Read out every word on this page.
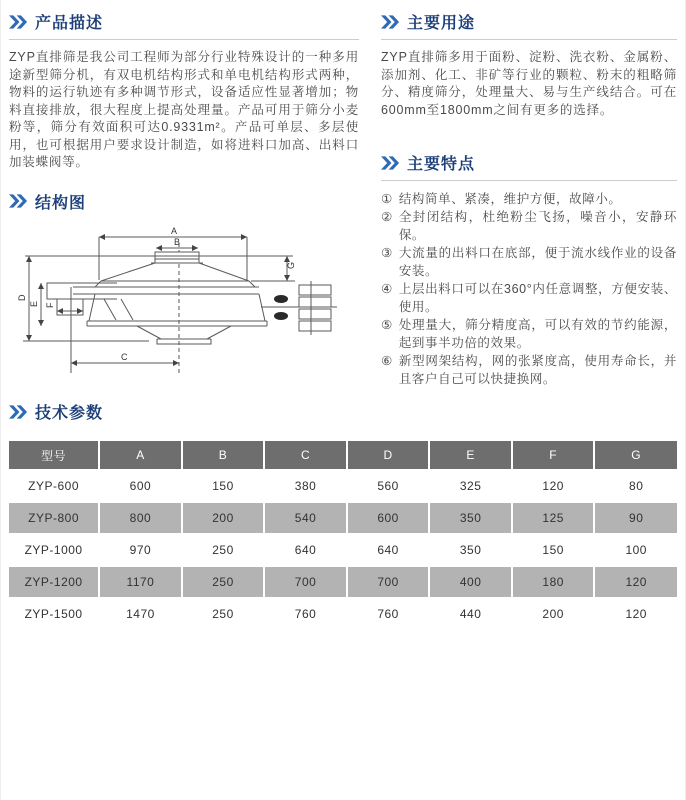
产品描述

ZYP直排筛是我公司工程师为部分行业特殊设计的一种多用途新型筛分机，有双电机结构形式和单电机结构形式两种，物料的运行轨迹有多种调节形式，设备适应性显著增加；物料直接排放，很大程度上提高处理量。产品可用于筛分小麦粉等，筛分有效面积可达0.9331m²。产品可单层、多层使用，也可根据用户要求设计制造，如将进料口加高、出料口加装蝶阀等。

结构图
A
B
C
D
E F
G
主要用途

ZYP直排筛多用于面粉、淀粉、洗衣粉、金属粉、添加剂、化工、非矿等行业的颗粒、粉末的粗略筛分、精度筛分，处理量大、易与生产线结合。可在600mm至1800mm之间有更多的选择。

主要特点
① 结构简单、紧凑，维护方便，故障小。
② 全封闭结构，杜绝粉尘飞扬，噪音小，安静环保。
③ 大流量的出料口在底部，便于流水线作业的设备安装。
④ 上层出料口可以在360°内任意调整，方便安装、使用。
⑤ 处理量大，筛分精度高，可以有效的节约能源，起到事半功倍的效果。
⑥ 新型网架结构，网的张紧度高，使用寿命长，并且客户自己可以快捷换网。
技术参数
型号	A	B	C	D	E	F	G
ZYP-600	600	150	380	560	325	120	80
ZYP-800	800	200	540	600	350	125	90
ZYP-1000	970	250	640	640	350	150	100
ZYP-1200	1170	250	700	700	400	180	120
ZYP-1500	1470	250	760	760	440	200	120
